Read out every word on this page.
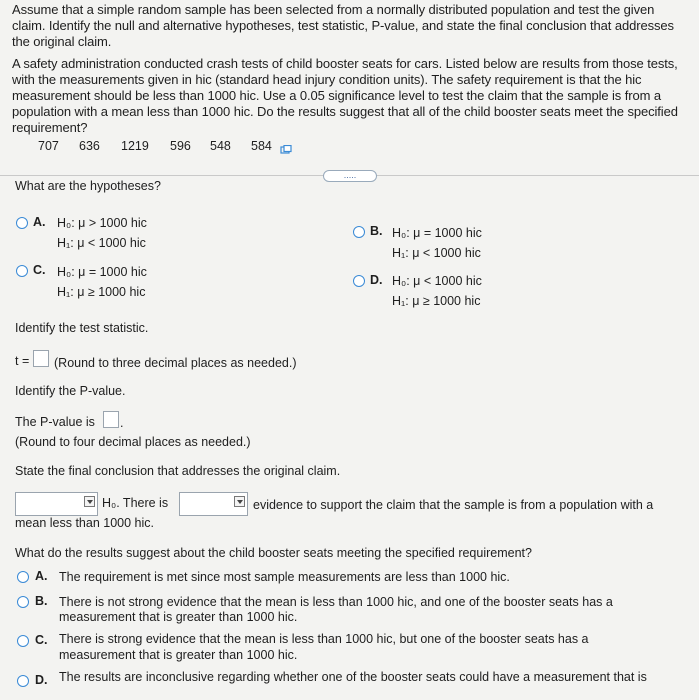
Assume that a simple random sample has been selected from a normally distributed population and test the given
claim. Identify the null and alternative hypotheses, test statistic, P-value, and state the final conclusion that addresses
the original claim.
A safety administration conducted crash tests of child booster seats for cars. Listed below are results from those tests,
with the measurements given in hic (standard head injury condition units). The safety requirement is that the hic
measurement should be less than 1000 hic. Use a 0.05 significance level to test the claim that the sample is from a
population with a mean less than 1000 hic. Do the results suggest that all of the child booster seats meet the specified
requirement?
707 636 1219 596 548 584
.....
What are the hypotheses?
A. H₀: μ > 1000 hic
H₁: μ < 1000 hic
B. H₀: μ = 1000 hic
H₁: μ < 1000 hic
C. H₀: μ = 1000 hic
H₁: μ ≥ 1000 hic
D. H₀: μ < 1000 hic
H₁: μ ≥ 1000 hic
Identify the test statistic.
t = (Round to three decimal places as needed.)
Identify the P-value.
The P-value is .
(Round to four decimal places as needed.)
State the final conclusion that addresses the original claim.
H₀. There is	evidence to support the claim that the sample is from a population with a
mean less than 1000 hic.
What do the results suggest about the child booster seats meeting the specified requirement?
A. The requirement is met since most sample measurements are less than 1000 hic.
B. There is not strong evidence that the mean is less than 1000 hic, and one of the booster seats has a
measurement that is greater than 1000 hic.
C. There is strong evidence that the mean is less than 1000 hic, but one of the booster seats has a
measurement that is greater than 1000 hic.
D. The results are inconclusive regarding whether one of the booster seats could have a measurement that is
